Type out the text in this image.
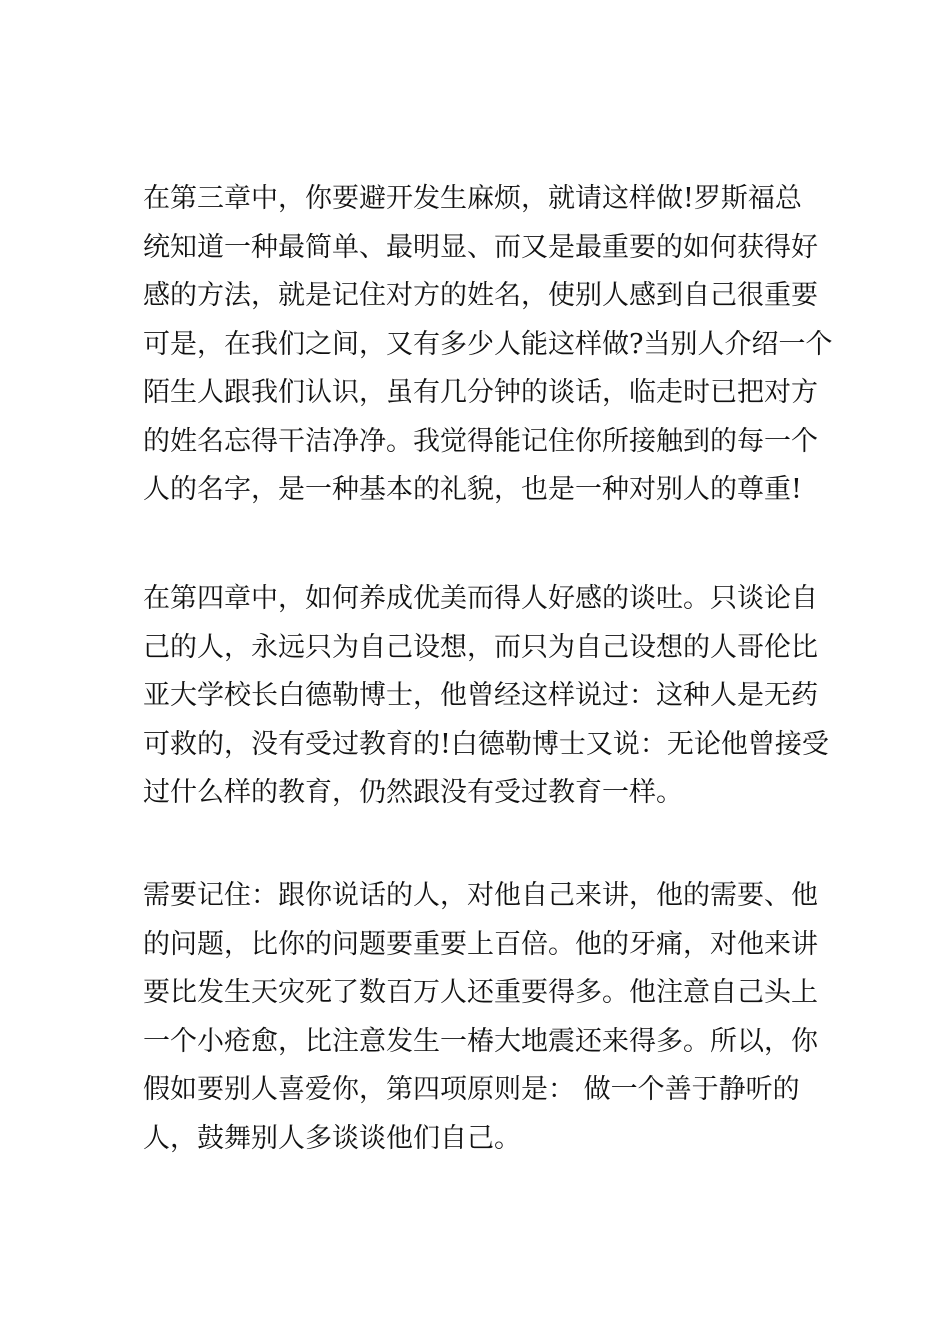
在第三章中，你要避开发生麻烦，就请这样做!罗斯福总
统知道一种最简单、最明显、而又是最重要的如何获得好
感的方法，就是记住对方的姓名，使别人感到自己很重要
可是，在我们之间，又有多少人能这样做?当别人介绍一个
陌生人跟我们认识，虽有几分钟的谈话，临走时已把对方
的姓名忘得干洁净净。我觉得能记住你所接触到的每一个
人的名字，是一种基本的礼貌，也是一种对别人的尊重!
在第四章中，如何养成优美而得人好感的谈吐。只谈论自
己的人，永远只为自己设想，而只为自己设想的人哥伦比
亚大学校长白德勒博士，他曾经这样说过：这种人是无药
可救的，没有受过教育的!白德勒博士又说：无论他曾接受
过什么样的教育，仍然跟没有受过教育一样。
需要记住：跟你说话的人，对他自己来讲，他的需要、他
的问题，比你的问题要重要上百倍。他的牙痛，对他来讲
要比发生天灾死了数百万人还重要得多。他注意自己头上
一个小疮愈，比注意发生一椿大地震还来得多。所以，你
假如要别人喜爱你，第四项原则是： 做一个善于静听的
人，鼓舞别人多谈谈他们自己。
